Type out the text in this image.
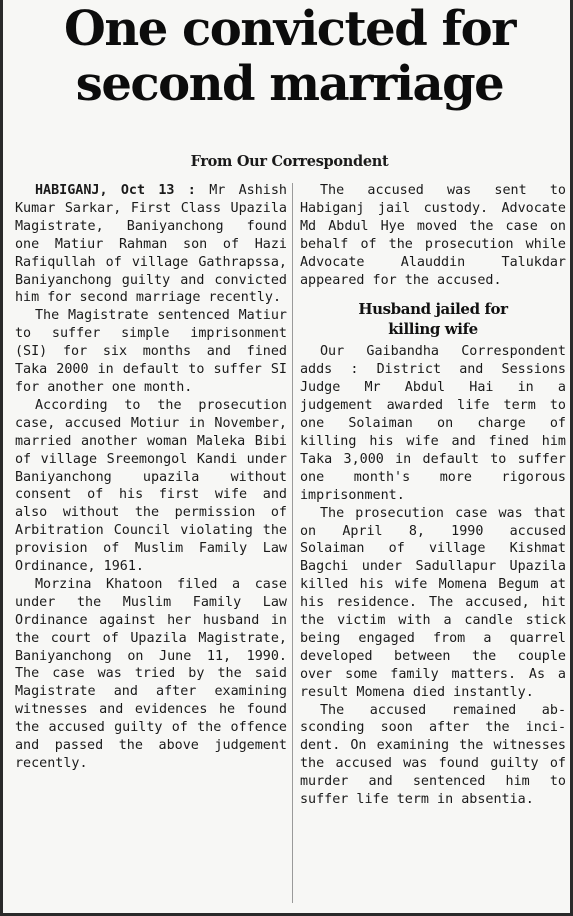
One convicted for
second marriage
From Our Correspondent

HABIGANJ, Oct 13 : Mr Ashish Kumar Sarkar, First Class Upazila Magistrate, Baniyanchong found one Matiur Rahman son of Hazi Rafiqullah of village Gathrapssa, Baniyanchong guilty and convicted him for second marriage recently.

The Magistrate sentenced Matiur to suffer simple imprisonment (SI) for six months and fined Taka 2000 in default to suffer SI for another one month.

According to the prosecution case, accused Motiur in November, married another woman Maleka Bibi of village Sreemongol Kandi under Baniyanchong upazila without consent of his first wife and also without the permission of Arbitration Council violating the provision of Muslim Family Law Ordinance, 1961.

Morzina Khatoon filed a case under the Muslim Family Law Ordinance against her husband in the court of Upazila Magistrate, Baniyanchong on June 11, 1990. The case was tried by the said Magistrate and after examining witnesses and evidences he found the accused guilty of the offence and passed the above judgement recently.

The accused was sent to Habiganj jail custody. Advocate Md Abdul Hye moved the case on behalf of the prosecution while Advocate Alauddin Talukdar appeared for the accused.

Husband jailed for
killing wife

Our Gaibandha Correspondent adds : District and Sessions Judge Mr Abdul Hai in a judgement awarded life term to one Solaiman on charge of killing his wife and fined him Taka 3,000 in default to suffer one month's more rigorous imprisonment.

The prosecution case was that on April 8, 1990 accused Solaiman of village Kishmat Bagchi under Sadullapur Upazila killed his wife Momena Begum at his residence. The accused, hit the victim with a candle stick being engaged from a quarrel developed between the couple over some family matters. As a result Momena died instantly.

The accused remained absconding soon after the incident. On examining the witnesses the accused was found guilty of murder and sentenced him to suffer life term in absentia.
